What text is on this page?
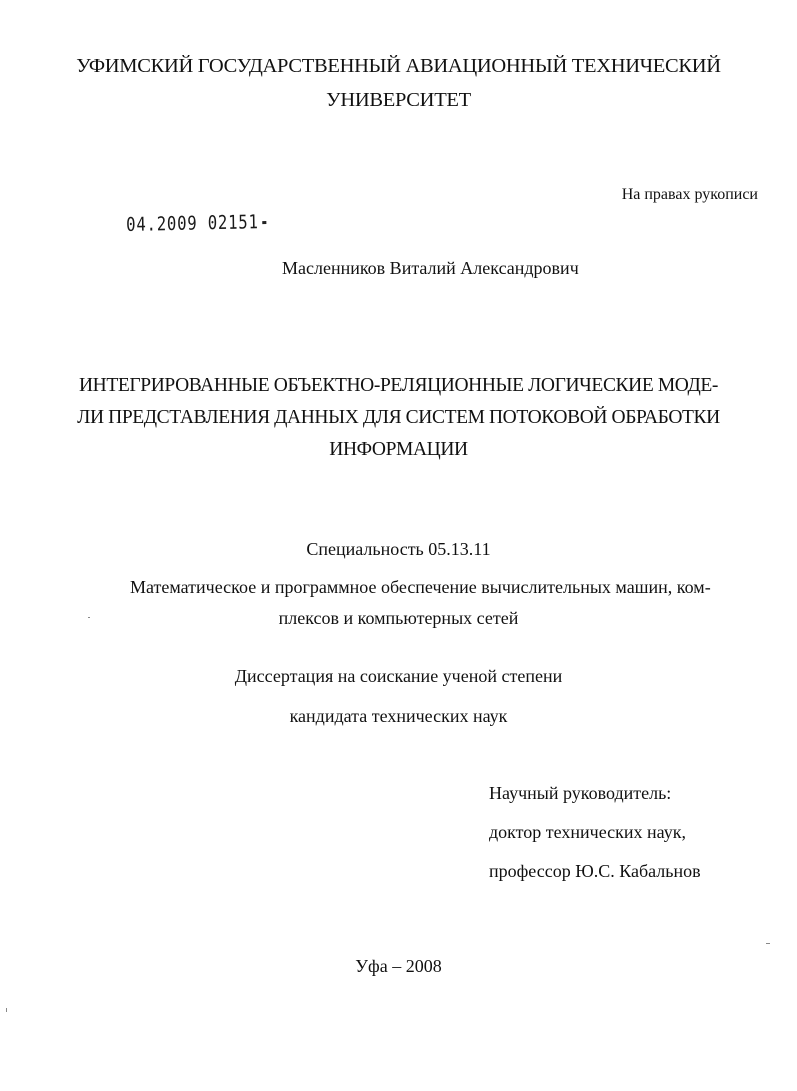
УФИМСКИЙ ГОСУДАРСТВЕННЫЙ АВИАЦИОННЫЙ ТЕХНИЧЕСКИЙ
УНИВЕРСИТЕТ
На правах рукописи
04.2009 02151
Масленников Виталий Александрович
ИНТЕГРИРОВАННЫЕ ОБЪЕКТНО-РЕЛЯЦИОННЫЕ ЛОГИЧЕСКИЕ МОДЕ-
ЛИ ПРЕДСТАВЛЕНИЯ ДАННЫХ ДЛЯ СИСТЕМ ПОТОКОВОЙ ОБРАБОТКИ
ИНФОРМАЦИИ
Специальность 05.13.11
Математическое и программное обеспечение вычислительных машин, ком-
плексов и компьютерных сетей
Диссертация на соискание ученой степени
кандидата технических наук
Научный руководитель:
доктор технических наук,
профессор Ю.С. Кабальнов
Уфа – 2008
